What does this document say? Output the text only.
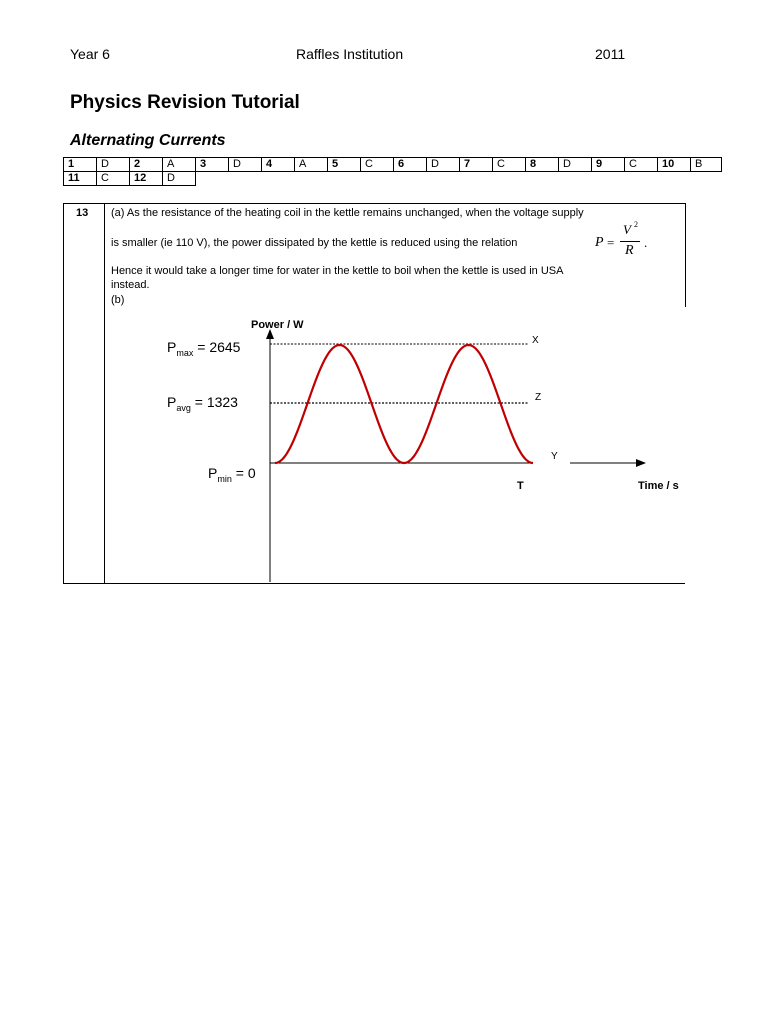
Year 6	Raffles Institution	2011
Physics Revision Tutorial
Alternating Currents
1	D	2	A	3	D	4	A	5	C	6	D	7	C	8	D	9	C	10	B
11	C	12	D																
13 (a) As the resistance of the heating coil in the kettle remains unchanged, when the voltage supply
is smaller (ie 110 V), the power dissipated by the kettle is reduced using the relation
Hence it would take a longer time for water in the kettle to boil when the kettle is used in USA
instead.
(b)
P =
V 2
R
.
Power / W
Time / s
T
X
Z
Y
$P_{max} = 2645$
$P_{avg} = 1323$
$P_{min} = 0$
